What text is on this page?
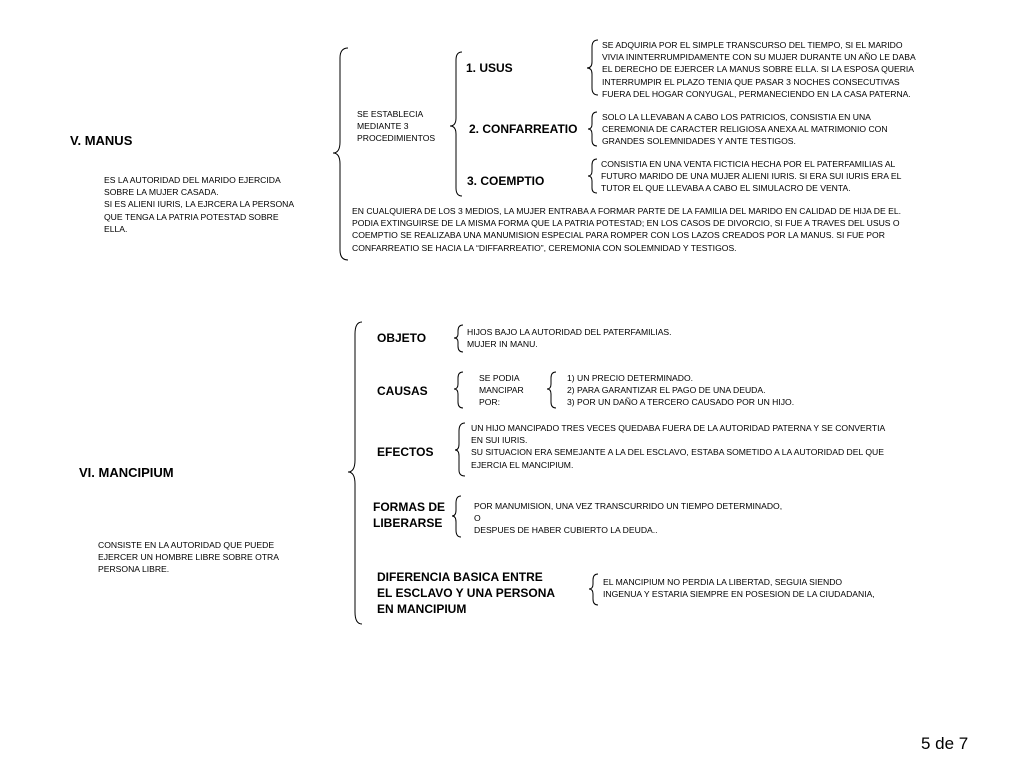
V. MANUS
ES LA AUTORIDAD DEL MARIDO EJERCIDA
SOBRE LA MUJER CASADA.
SI ES ALIENI IURIS, LA EJRCERA LA PERSONA
QUE TENGA LA PATRIA POTESTAD SOBRE
ELLA.
SE ESTABLECIA
MEDIANTE 3
PROCEDIMIENTOS
1. USUS
SE ADQUIRIA POR EL SIMPLE TRANSCURSO DEL TIEMPO, SI EL MARIDO
VIVIA ININTERRUMPIDAMENTE CON SU MUJER DURANTE UN AÑO LE DABA
EL DERECHO DE EJERCER LA MANUS SOBRE ELLA. SI LA ESPOSA QUERIA
INTERRUMPIR EL PLAZO TENIA QUE PASAR 3 NOCHES CONSECUTIVAS
FUERA DEL HOGAR CONYUGAL, PERMANECIENDO EN LA CASA PATERNA.
2. CONFARREATIO
SOLO LA LLEVABAN A CABO LOS PATRICIOS, CONSISTIA EN UNA
CEREMONIA DE CARACTER RELIGIOSA ANEXA AL MATRIMONIO CON
GRANDES SOLEMNIDADES Y ANTE TESTIGOS.
3. COEMPTIO
CONSISTIA EN UNA VENTA FICTICIA HECHA POR EL PATERFAMILIAS AL
FUTURO MARIDO DE UNA MUJER ALIENI IURIS. SI ERA SUI IURIS ERA EL
TUTOR EL QUE LLEVABA A CABO EL SIMULACRO DE VENTA.
EN CUALQUIERA DE LOS 3 MEDIOS, LA MUJER ENTRABA A FORMAR PARTE DE LA FAMILIA DEL MARIDO EN CALIDAD DE HIJA DE EL.
PODIA EXTINGUIRSE DE LA MISMA FORMA QUE LA PATRIA POTESTAD; EN LOS CASOS DE DIVORCIO, SI FUE A TRAVES DEL USUS O
COEMPTIO SE REALIZABA UNA MANUMISION ESPECIAL PARA ROMPER CON LOS LAZOS CREADOS POR LA MANUS. SI FUE POR
CONFARREATIO SE HACIA LA “DIFFARREATIO”, CEREMONIA CON SOLEMNIDAD Y TESTIGOS.
VI. MANCIPIUM
CONSISTE EN LA AUTORIDAD QUE PUEDE
EJERCER UN HOMBRE LIBRE SOBRE OTRA
PERSONA LIBRE.
OBJETO	HIJOS BAJO LA AUTORIDAD DEL PATERFAMILIAS.
MUJER IN MANU.
CAUSAS
SE PODIA
MANCIPAR
POR:
1) UN PRECIO DETERMINADO.
2) PARA GARANTIZAR EL PAGO DE UNA DEUDA.
3) POR UN DAÑO A TERCERO CAUSADO POR UN HIJO.
EFECTOS
UN HIJO MANCIPADO TRES VECES QUEDABA FUERA DE LA AUTORIDAD PATERNA Y SE CONVERTIA
EN SUI IURIS.
SU SITUACION ERA SEMEJANTE A LA DEL ESCLAVO, ESTABA SOMETIDO A LA AUTORIDAD DEL QUE
EJERCIA EL MANCIPIUM.
FORMAS DE
LIBERARSE
POR MANUMISION, UNA VEZ TRANSCURRIDO UN TIEMPO DETERMINADO,
O
DESPUES DE HABER CUBIERTO LA DEUDA..
DIFERENCIA BASICA ENTRE
EL ESCLAVO Y UNA PERSONA
EN MANCIPIUM
EL MANCIPIUM NO PERDIA LA LIBERTAD, SEGUIA SIENDO
INGENUA Y ESTARIA SIEMPRE EN POSESION DE LA CIUDADANIA,
5 de 7
